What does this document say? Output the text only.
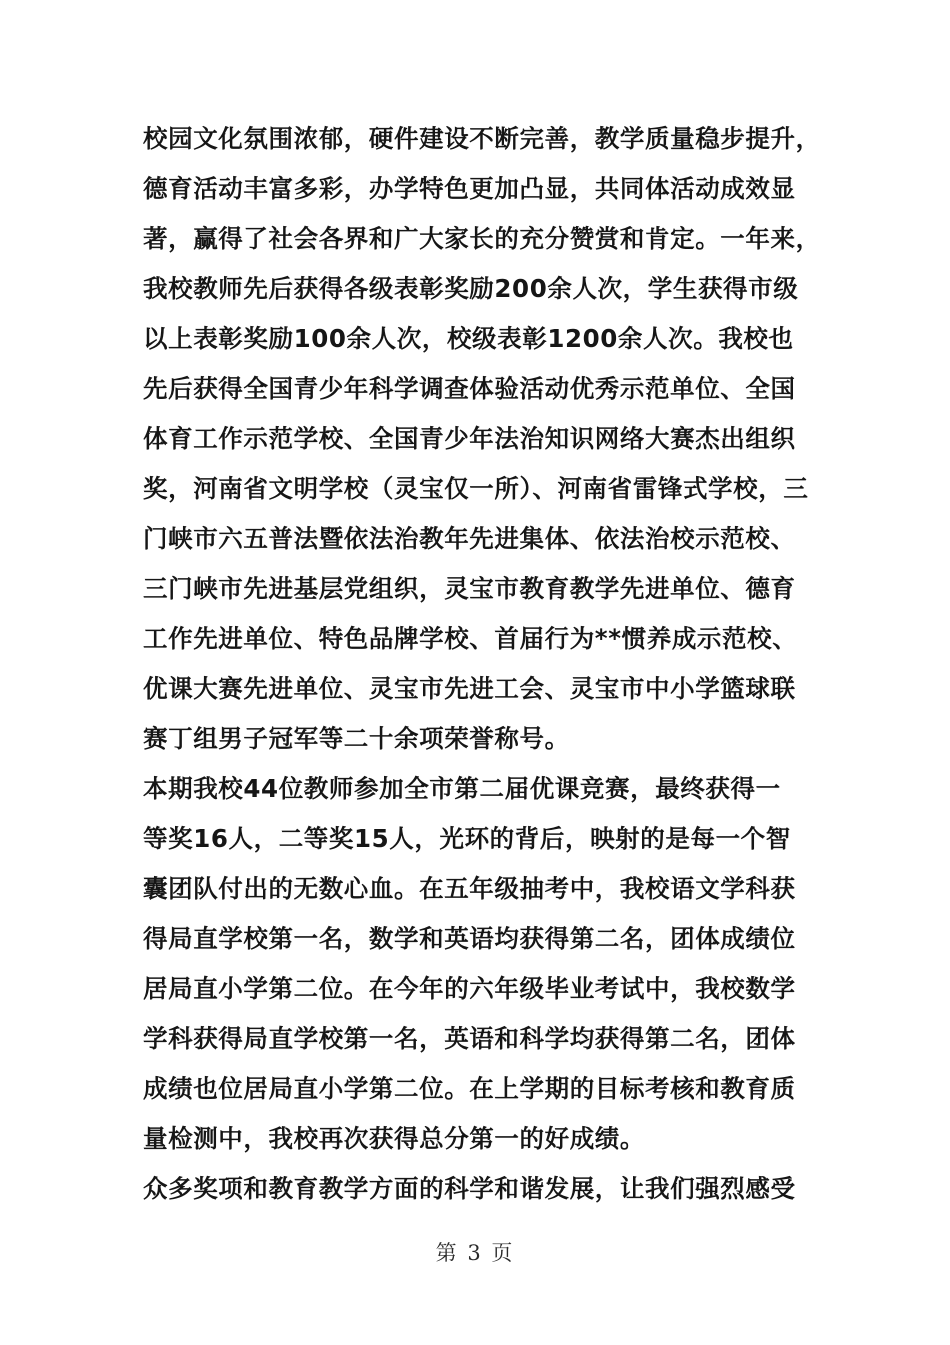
校园文化氛围浓郁，硬件建设不断完善，教学质量稳步提升，
德育活动丰富多彩，办学特色更加凸显，共同体活动成效显
著，赢得了社会各界和广大家长的充分赞赏和肯定。一年来，
我校教师先后获得各级表彰奖励200余人次，学生获得市级
以上表彰奖励100余人次，校级表彰1200余人次。我校也
先后获得全国青少年科学调查体验活动优秀示范单位、全国
体育工作示范学校、全国青少年法治知识网络大赛杰出组织
奖，河南省文明学校（灵宝仅一所）、河南省雷锋式学校，三
门峡市六五普法暨依法治教年先进集体、依法治校示范校、
三门峡市先进基层党组织，灵宝市教育教学先进单位、德育
工作先进单位、特色品牌学校、首届行为**惯养成示范校、
优课大赛先进单位、灵宝市先进工会、灵宝市中小学篮球联
赛丁组男子冠军等二十余项荣誉称号。
本期我校44位教师参加全市第二届优课竞赛，最终获得一
等奖16人，二等奖15人，光环的背后，映射的是每一个智
囊团队付出的无数心血。在五年级抽考中，我校语文学科获
得局直学校第一名，数学和英语均获得第二名，团体成绩位
居局直小学第二位。在今年的六年级毕业考试中，我校数学
学科获得局直学校第一名，英语和科学均获得第二名，团体
成绩也位居局直小学第二位。在上学期的目标考核和教育质
量检测中，我校再次获得总分第一的好成绩。
众多奖项和教育教学方面的科学和谐发展，让我们强烈感受
第 3 页
